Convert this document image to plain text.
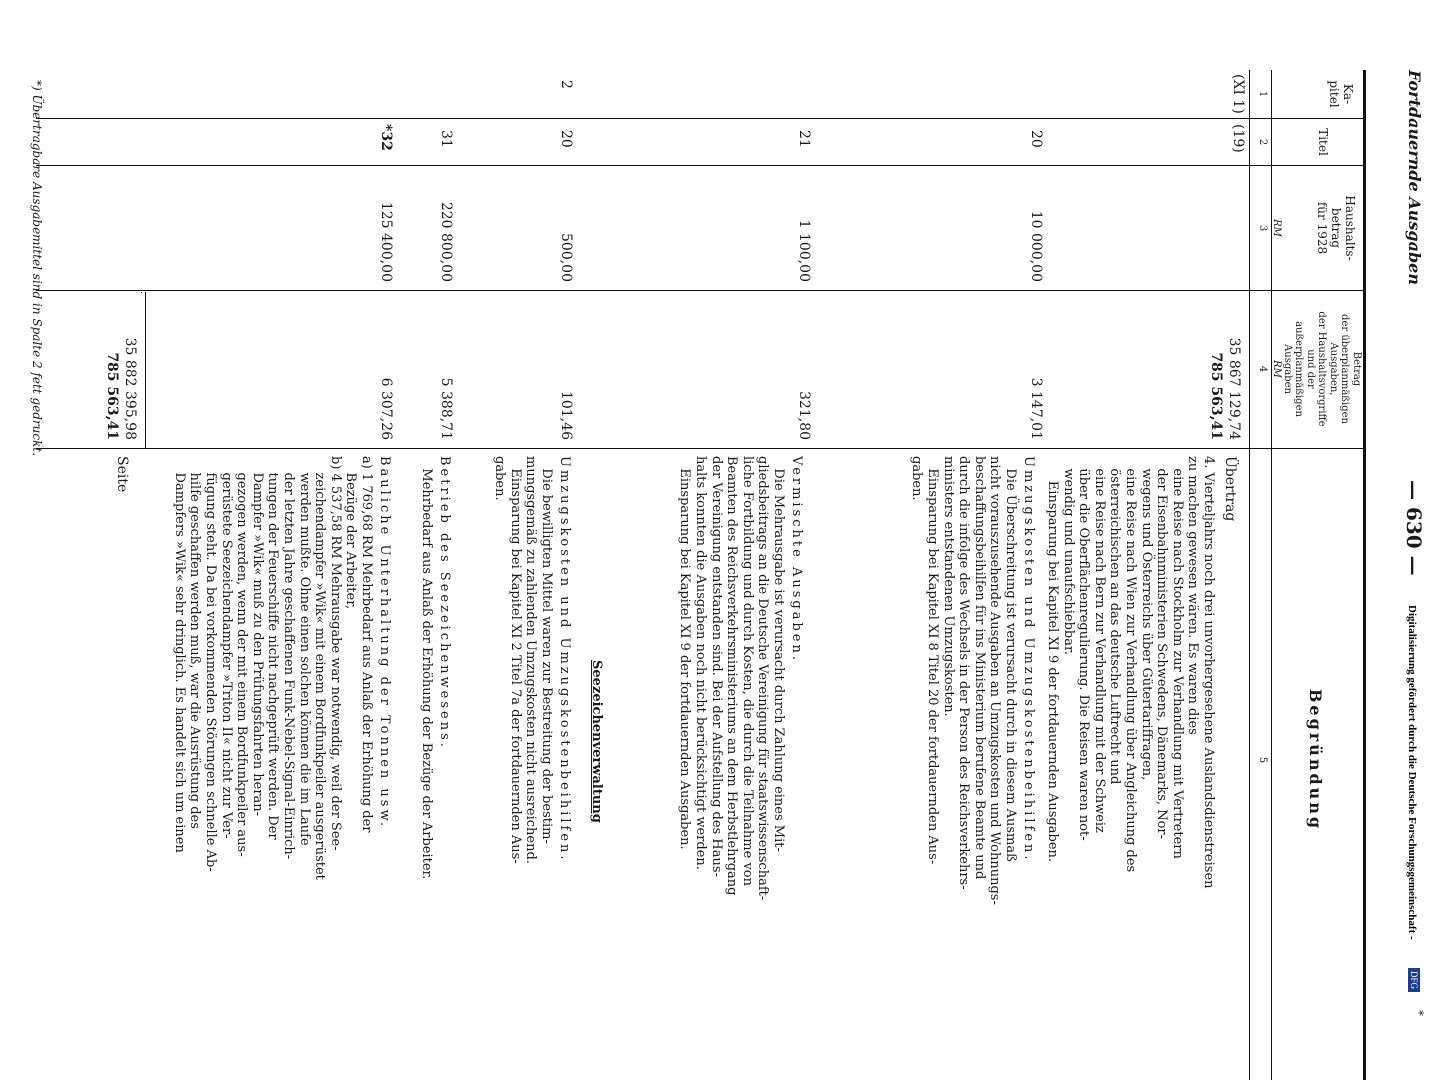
Fortdauernde Ausgaben
— 630 —
*
Ka-
pitel
Titel
Haushalts-
betrag
für 1928
Betrag
der überplanmäßigen
Ausgaben,
der Haushaltsvorgriffe
und der
außerplanmäßigen
Ausgaben
Begründung
1
2
3
4
5
RM
RM
35 867 129,74
785 563,41
Übertrag
(XI 1)
(19)
20
10 000,00
3 147,01
21
1 100,00
321,80
2
20
500,00
101,46
31
220 800,00
5 388,71
*32
125 400,00
6 307,26
35 882 395,98
785 563,41
Seite	4. Vierteljahrs noch drei unvorhergesehene Auslandsdienstreisen
zu machen gewesen wären. Es waren dies
eine Reise nach Stockholm zur Verhandlung mit Vertretern
der Eisenbahnministerien Schwedens, Dänemarks, Nor-
wegens und Österreichs über Gütertariffragen,
eine Reise nach Wien zur Verhandlung über Angleichung des
österreichischen an das deutsche Luftrecht und
eine Reise nach Bern zur Verhandlung mit der Schweiz
über die Oberflächenregulierung. Die Reisen waren not-
wendig und unaufschiebbar.
Einsparung bei Kapitel XI 9 der fortdauernden Ausgaben.
Umzugskosten und Umzugskostenbeihilfen.
Die Überschreitung ist verursacht durch in diesem Ausmaß
nicht vorauszusehende Ausgaben an Umzugskosten und Wohnungs-
beschaffungsbeihilfen für ins Ministerium berufene Beamte und
durch die infolge des Wechsels in der Person des Reichsverkehrs-
ministers entstandenen Umzugskosten.
Einsparung bei Kapitel XI 8 Titel 20 der fortdauernden Aus-
gaben.
Vermischte Ausgaben.
Die Mehrausgabe ist verursacht durch Zahlung eines Mit-
gliedsbeitrags an die Deutsche Vereinigung für staatswissenschaft-
liche Fortbildung und durch Kosten, die durch die Teilnahme von
Beamten des Reichsverkehrsministeriums an dem Herbstlehrgang
der Vereinigung entstanden sind. Bei der Aufstellung des Haus-
halts konnten die Ausgaben noch nicht berücksichtigt werden.
Einsparung bei Kapitel XI 9 der fortdauernden Ausgaben.
Seezeichenverwaltung
Umzugskosten und Umzugskostenbeihilfen.
Die bewilligten Mittel waren zur Bestreitung der bestim-
mungsgemäß zu zahlenden Umzugskosten nicht ausreichend.
Einsparung bei Kapitel XI 2 Titel 7a der fortdauernden Aus-
gaben.
Betrieb des Seezeichenwesens.
Mehrbedarf aus Anlaß der Erhöhung der Bezüge der Arbeiter.
Bauliche Unterhaltung der Tonnen usw.
a) 1 769,68 RM Mehrbedarf aus Anlaß der Erhöhung der
Bezüge der Arbeiter,
b) 4 537,58 RM Mehrausgabe war notwendig, weil der See-
zeichendampfer »Wik« mit einem Bordfunkpeiler ausgerüstet
werden mußte. Ohne einen solchen können die im Laufe
der letzten Jahre geschaffenen Funk-Nebel-Signal-Einrich-
tungen der Feuerschiffe nicht nachgeprüft werden. Der
Dampfer »Wik« muß zu den Prüfungsfahrten heran-
gezogen werden, wenn der mit einem Bordfunkpeiler aus-
gerüstete Seezeichendampfer »Triton II« nicht zur Ver-
fügung steht. Da bei vorkommenden Störungen schnelle Ab-
hilfe geschaffen werden muß, war die Ausrüstung des
Dampfers »Wik« sehr dringlich. Es handelt sich um einen
*) Übertragbare Ausgabemittel sind in Spalte 2 fett gedruckt.
Digitalisierung gefördert durch die Deutsche Forschungsgemeinschaft -
DFG
